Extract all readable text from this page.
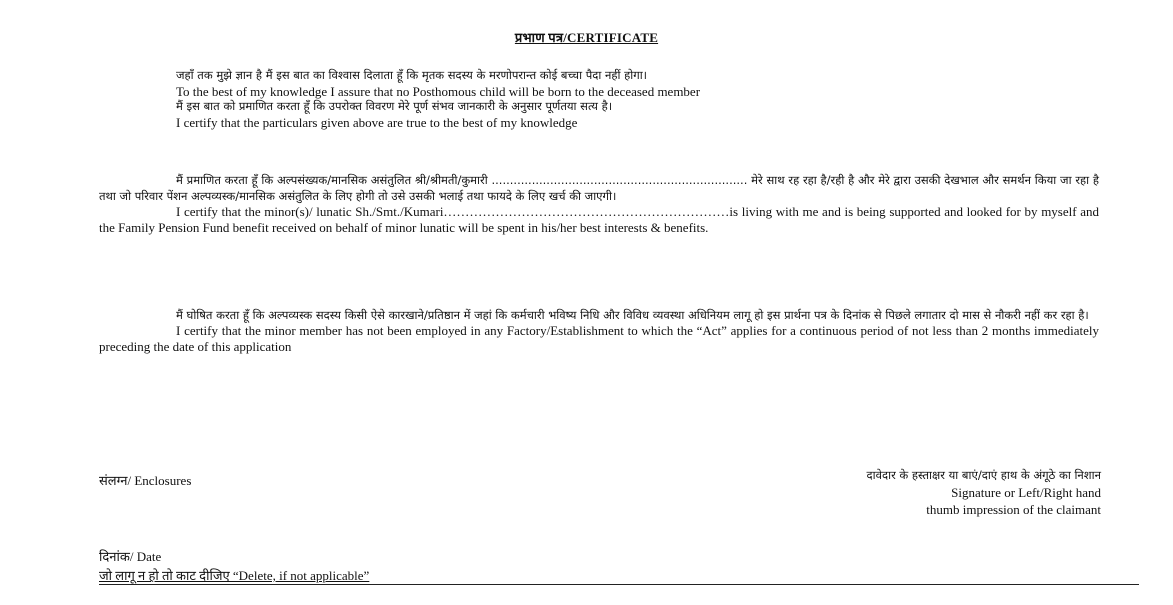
प्रभाण पत्र/CERTIFICATE
जहाँ तक मुझे ज्ञान है मैं इस बात का विश्वास दिलाता हूँ कि मृतक सदस्य के मरणोपरान्त कोई बच्चा पैदा नहीं होगा।
To the best of my knowledge I assure that no Posthomous child will be born to the deceased member
मैं इस बात को प्रमाणित करता हूँ कि उपरोक्त विवरण मेरे पूर्ण संभव जानकारी के अनुसार पूर्णतया सत्य है।
I certify that the particulars given above are true to the best of my knowledge
मैं प्रमाणित करता हूँ कि अल्पसंख्यक/मानसिक असंतुलित श्री/श्रीमती/कुमारी ...................................................................... मेरे साथ रह रहा है/रही है और मेरे द्वारा उसकी देखभाल और समर्थन किया जा रहा है तथा जो परिवार पेंशन अल्पव्यस्क/मानसिक असंतुलित के लिए होगी तो उसे उसकी भलाई तथा फायदे के लिए खर्च की जाएगी।
I certify that the minor(s)/ lunatic Sh./Smt./Kumari…………………………………………………………is living with me and is being supported and looked for by myself and the Family Pension Fund benefit received on behalf of minor lunatic will be spent in his/her best interests & benefits.
मैं घोषित करता हूँ कि अल्पव्यस्क सदस्य किसी ऐसे कारखाने/प्रतिष्ठान में जहां कि कर्मचारी भविष्य निधि और विविध व्यवस्था अधिनियम लागू हो इस प्रार्थना पत्र के दिनांक से पिछले लगातार दो मास से नौकरी नहीं कर रहा है।
I certify that the minor member has not been employed in any Factory/Establishment to which the “Act” applies for a continuous period of not less than 2 months immediately preceding the date of this application
संलग्न/ Enclosures	दावेदार के हस्ताक्षर या बाएं/दाएं हाथ के अंगूठे का निशान
Signature or Left/Right hand
thumb impression of the claimant
दिनांक/ Date
जो लागू न हो तो काट दीजिए “Delete, if not applicable”
